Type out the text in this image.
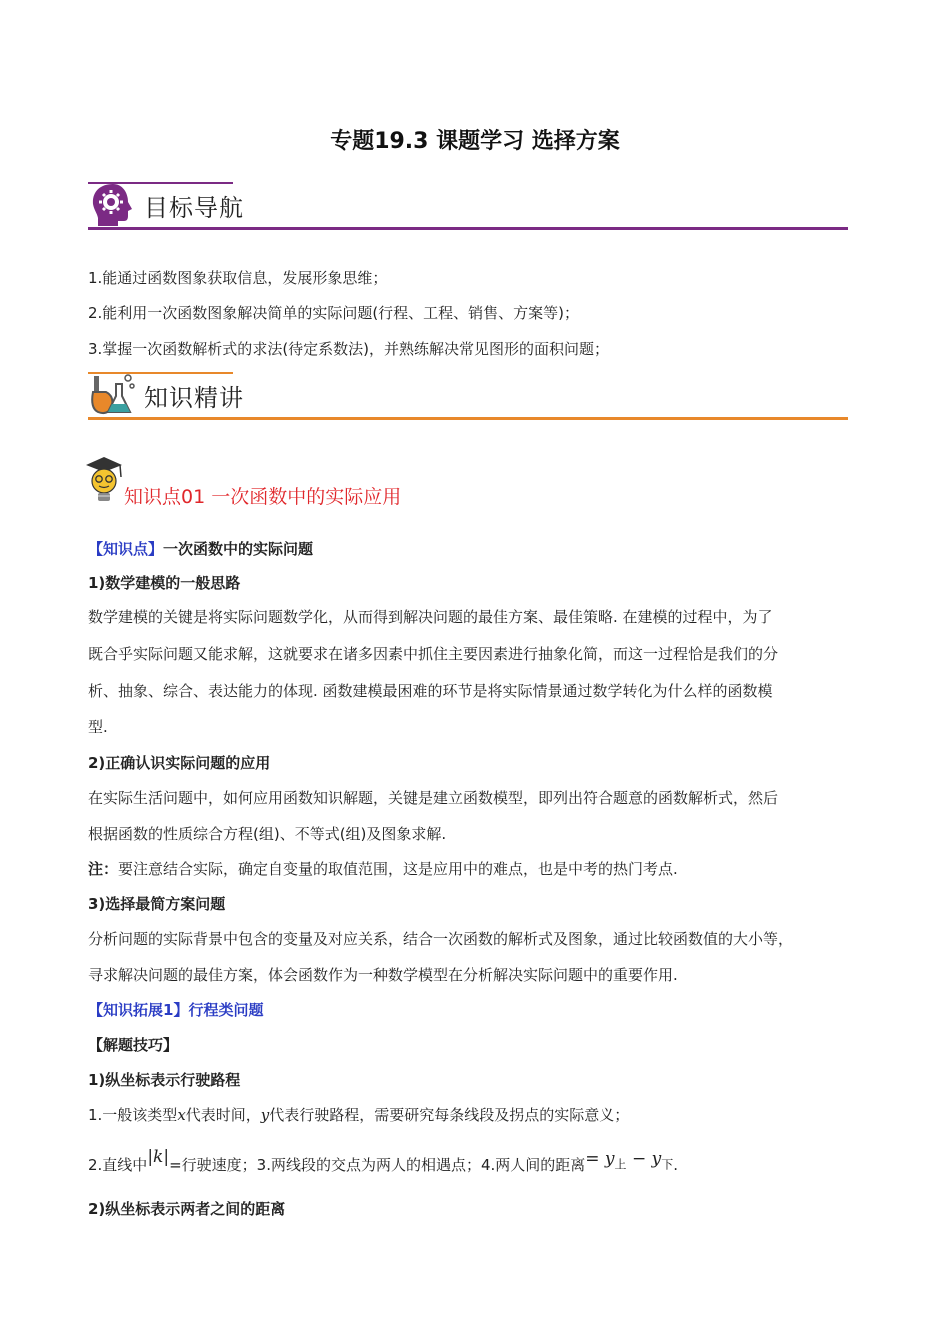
专题19.3 课题学习 选择方案
目标导航
1.能通过函数图象获取信息，发展形象思维；
2.能利用一次函数图象解决简单的实际问题(行程、工程、销售、方案等)；
3.掌握一次函数解析式的求法(待定系数法)，并熟练解决常见图形的面积问题；
知识精讲
知识点01 一次函数中的实际应用
【知识点】一次函数中的实际问题
1)数学建模的一般思路
数学建模的关键是将实际问题数学化，从而得到解决问题的最佳方案、最佳策略. 在建模的过程中，为了
既合乎实际问题又能求解，这就要求在诸多因素中抓住主要因素进行抽象化简，而这一过程恰是我们的分
析、抽象、综合、表达能力的体现. 函数建模最困难的环节是将实际情景通过数学转化为什么样的函数模
型.
2)正确认识实际问题的应用
在实际生活问题中，如何应用函数知识解题，关键是建立函数模型，即列出符合题意的函数解析式，然后
根据函数的性质综合方程(组)、不等式(组)及图象求解.
注：要注意结合实际，确定自变量的取值范围，这是应用中的难点，也是中考的热门考点.
3)选择最简方案问题
分析问题的实际背景中包含的变量及对应关系，结合一次函数的解析式及图象，通过比较函数值的大小等，
寻求解决问题的最佳方案，体会函数作为一种数学模型在分析解决实际问题中的重要作用.
【知识拓展1】行程类问题
【解题技巧】
1)纵坐标表示行驶路程
1.一般该类型x代表时间，y代表行驶路程，需要研究每条线段及拐点的实际意义；
2.直线中|k|=行驶速度；3.两线段的交点为两人的相遇点；4.两人间的距离= $y_上 - y_下$.
2)纵坐标表示两者之间的距离
